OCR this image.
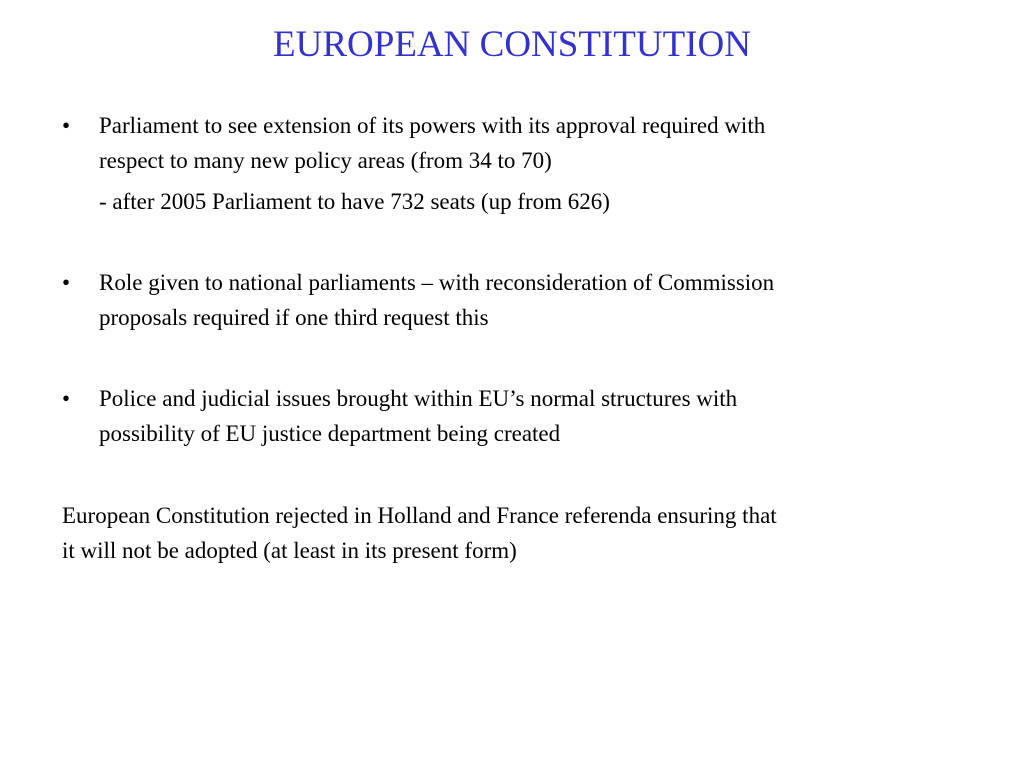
EUROPEAN CONSTITUTION
• Parliament to see extension of its powers with its approval required with
respect to many new policy areas (from 34 to 70)
- after 2005 Parliament to have 732 seats (up from 626)
• Role given to national parliaments – with reconsideration of Commission
proposals required if one third request this
• Police and judicial issues brought within EU’s normal structures with
possibility of EU justice department being created
European Constitution rejected in Holland and France referenda ensuring that
it will not be adopted (at least in its present form)
